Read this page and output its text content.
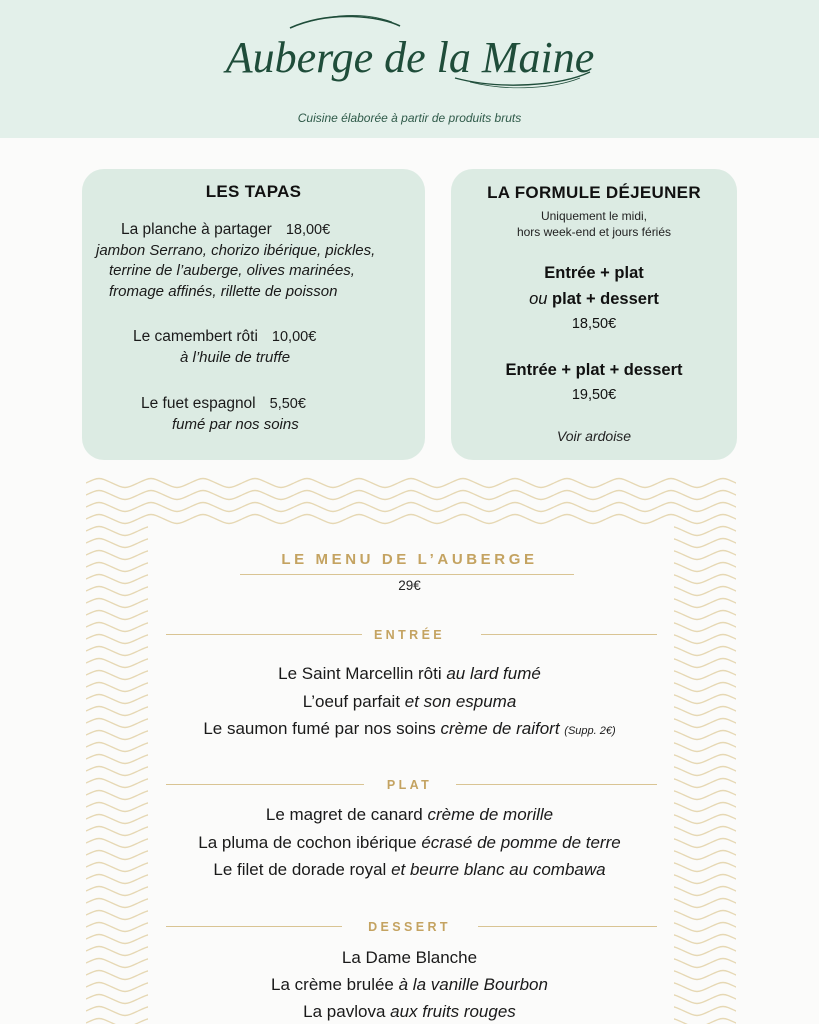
Auberge de la Maine
Cuisine élaborée à partir de produits bruts
LES TAPAS
La planche à partager 18,00€
jambon Serrano, chorizo ibérique, pickles,
terrine de l’auberge, olives marinées,
fromage affinés, rillette de poisson
Le camembert rôti 10,00€
à l’huile de truffe
Le fuet espagnol 5,50€
fumé par nos soins
LA FORMULE DÉJEUNER
Uniquement le midi,
hors week-end et jours fériés
Entrée + plat
ou plat + dessert
18,50€
Entrée + plat + dessert
19,50€
Voir ardoise
LE MENU DE L’AUBERGE
29€
ENTRÉE
Le Saint Marcellin rôti au lard fumé
L’oeuf parfait et son espuma
Le saumon fumé par nos soins crème de raifort (Supp. 2€)
PLAT
Le magret de canard crème de morille
La pluma de cochon ibérique écrasé de pomme de terre
Le filet de dorade royal et beurre blanc au combawa
DESSERT
La Dame Blanche
La crème brulée à la vanille Bourbon
La pavlova aux fruits rouges
